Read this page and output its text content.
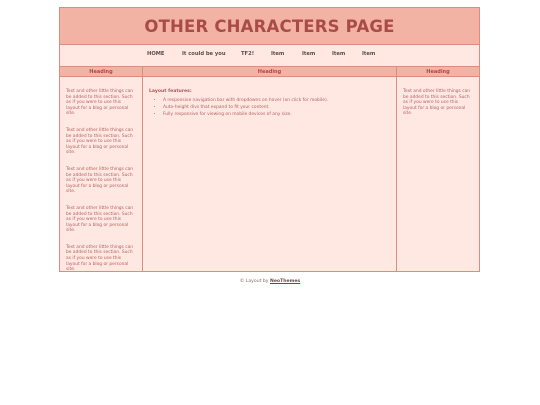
OTHER CHARACTERS PAGE
HOME	It could be you	TF2!	Item	Item	Item	Item
Heading

Text and other little things can be added to this section. Such as if you were to use this layout for a blog or personal site.

Text and other little things can be added to this section. Such as if you were to use this layout for a blog or personal site.

Text and other little things can be added to this section. Such as if you were to use this layout for a blog or personal site.

Text and other little things can be added to this section. Such as if you were to use this layout for a blog or personal site.

Text and other little things can be added to this section. Such as if you were to use this layout for a blog or personal site.

Heading

Layout features:

• A responsive navigation bar with dropdowns on hover (on click for mobile).
• Auto-height divs that expand to fit your content.
• Fully responsive for viewing on mobile devices of any size.
Heading

Text and other little things can be added to this section. Such as if you were to use this layout for a blog or personal site.

© Layout by NeoThemes
